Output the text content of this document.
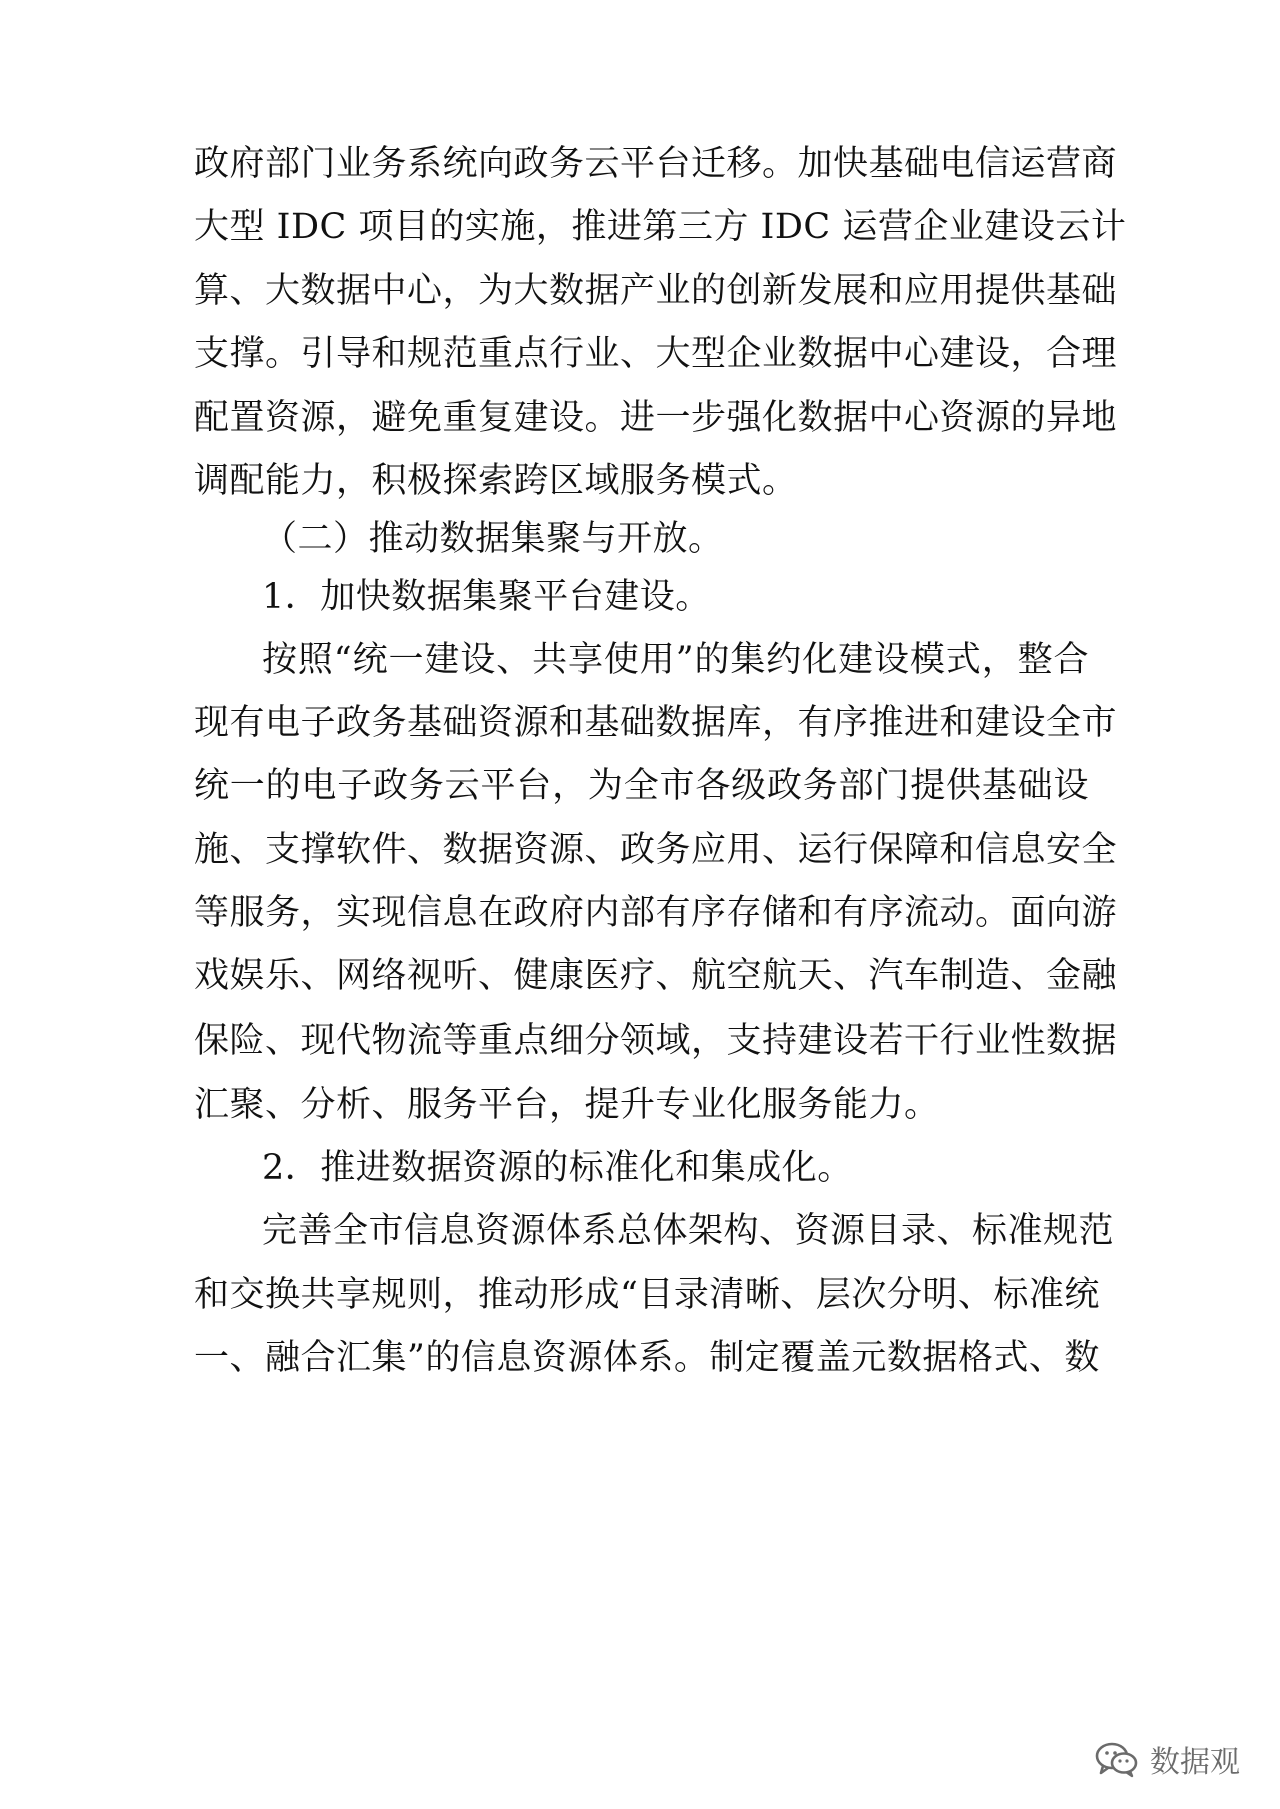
政府部门业务系统向政务云平台迁移。加快基础电信运营商
大型 IDC 项目的实施，推进第三方 IDC 运营企业建设云计
算、大数据中心，为大数据产业的创新发展和应用提供基础
支撑。引导和规范重点行业、大型企业数据中心建设，合理
配置资源，避免重复建设。进一步强化数据中心资源的异地
调配能力，积极探索跨区域服务模式。
（二）推动数据集聚与开放。
1．加快数据集聚平台建设。
按照“统一建设、共享使用”的集约化建设模式，整合
现有电子政务基础资源和基础数据库，有序推进和建设全市
统一的电子政务云平台，为全市各级政务部门提供基础设
施、支撑软件、数据资源、政务应用、运行保障和信息安全
等服务，实现信息在政府内部有序存储和有序流动。面向游
戏娱乐、网络视听、健康医疗、航空航天、汽车制造、金融
保险、现代物流等重点细分领域，支持建设若干行业性数据
汇聚、分析、服务平台，提升专业化服务能力。
2．推进数据资源的标准化和集成化。
完善全市信息资源体系总体架构、资源目录、标准规范
和交换共享规则，推动形成“目录清晰、层次分明、标准统
一、融合汇集”的信息资源体系。制定覆盖元数据格式、数
数据观
